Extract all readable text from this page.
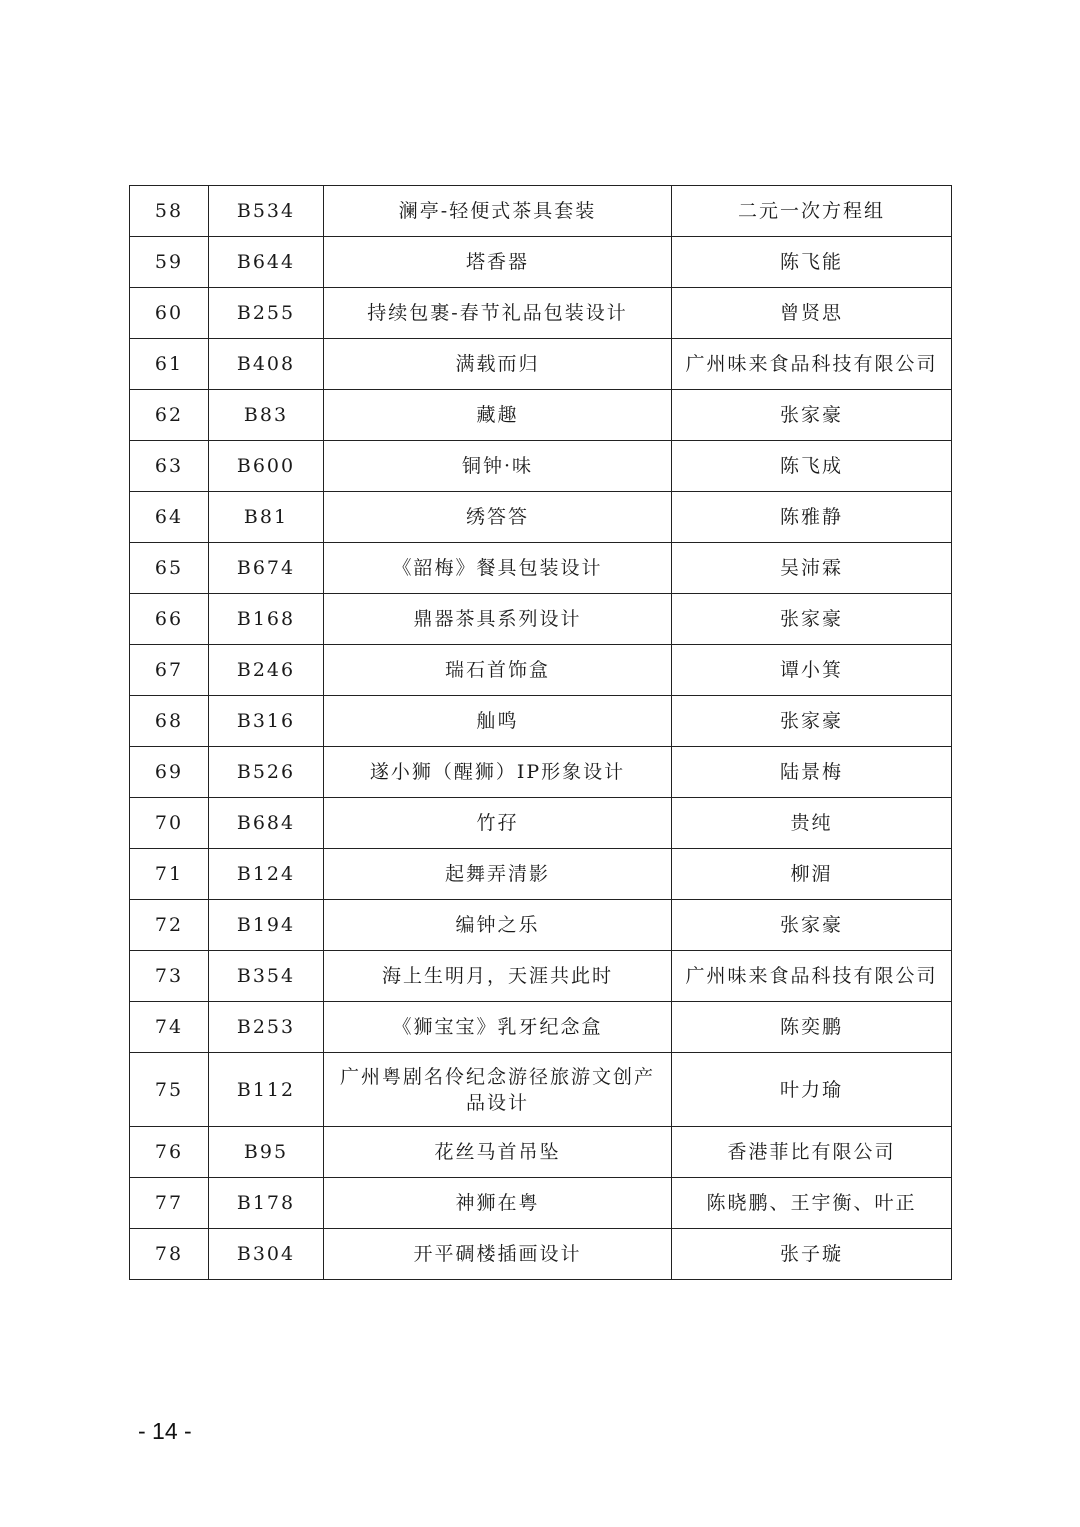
58	B534	澜亭-轻便式茶具套装	二元一次方程组
59	B644	塔香器	陈飞能
60	B255	持续包裹-春节礼品包装设计	曾贤思
61	B408	满载而归	广州味来食品科技有限公司
62	B83	藏趣	张家豪
63	B600	铜钟·味	陈飞成
64	B81	绣答答	陈雅静
65	B674	《韶梅》餐具包装设计	吴沛霖
66	B168	鼎器茶具系列设计	张家豪
67	B246	瑞石首饰盒	谭小箕
68	B316	舢鸣	张家豪
69	B526	遂小狮（醒狮）IP形象设计	陆景梅
70	B684	竹孖	贵纯
71	B124	起舞弄清影	柳湄
72	B194	编钟之乐	张家豪
73	B354	海上生明月，天涯共此时	广州味来食品科技有限公司
74	B253	《狮宝宝》乳牙纪念盒	陈奕鹏
75	B112	广州粤剧名伶纪念游径旅游文创产品设计	叶力瑜
76	B95	花丝马首吊坠	香港菲比有限公司
77	B178	神狮在粤	陈晓鹏、王宇衡、叶正
78	B304	开平碉楼插画设计	张子璇
- 14 -
